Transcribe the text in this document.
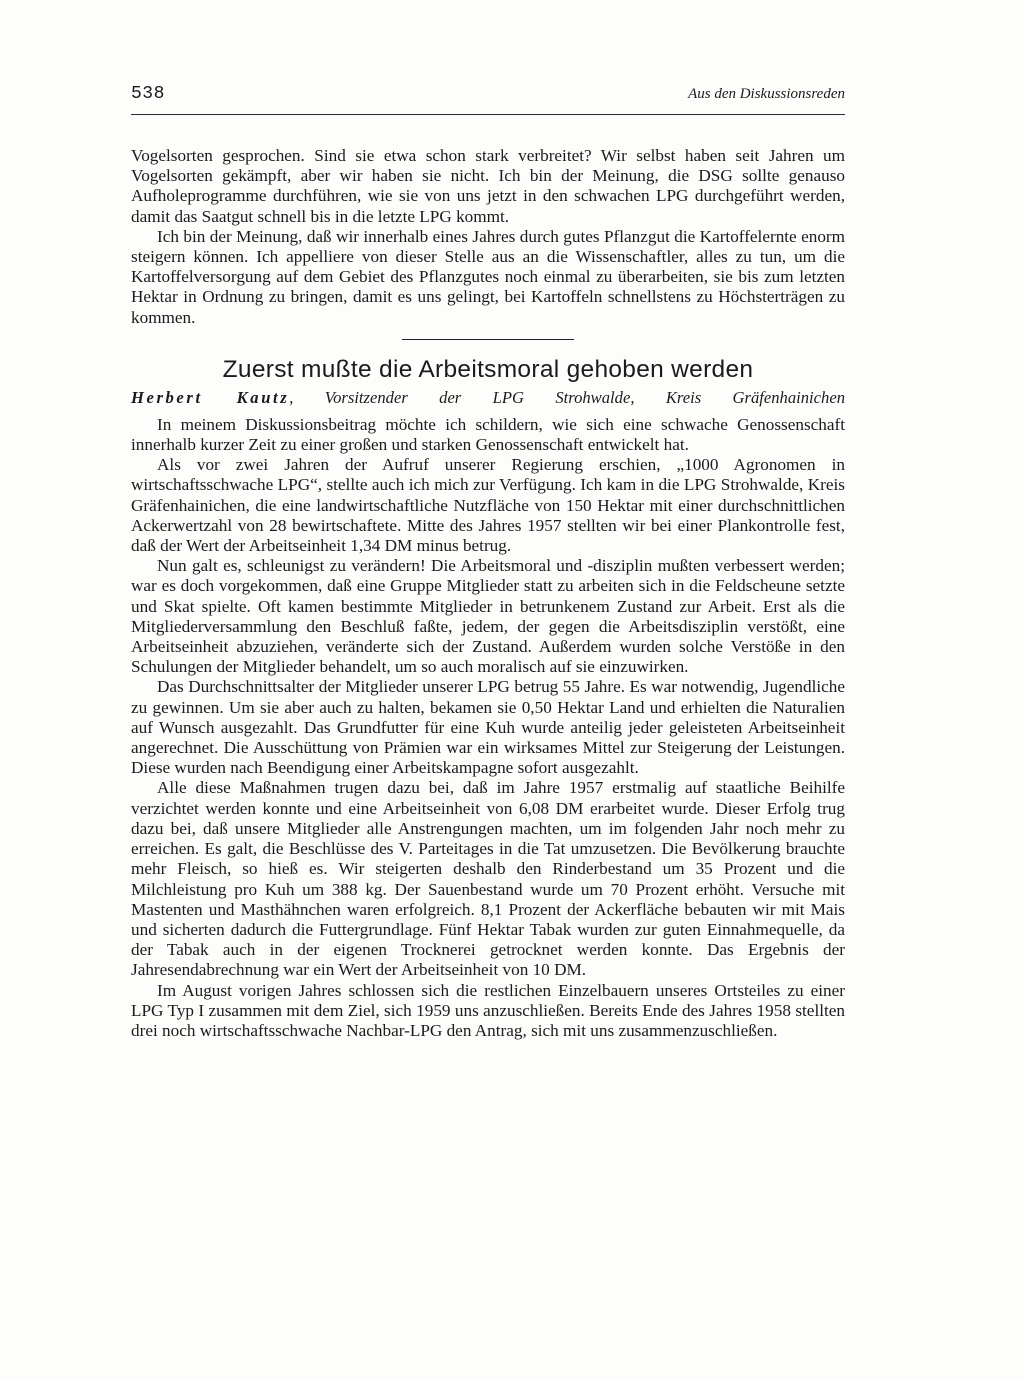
538	Aus den Diskussionsreden

Vogelsorten gesprochen. Sind sie etwa schon stark verbreitet? Wir selbst haben seit Jahren um Vogelsorten gekämpft, aber wir haben sie nicht. Ich bin der Meinung, die DSG sollte genauso Aufholeprogramme durchführen, wie sie von uns jetzt in den schwachen LPG durchgeführt werden, damit das Saatgut schnell bis in die letzte LPG kommt.

Ich bin der Meinung, daß wir innerhalb eines Jahres durch gutes Pflanzgut die Kartoffelernte enorm steigern können. Ich appelliere von dieser Stelle aus an die Wissenschaftler, alles zu tun, um die Kartoffelversorgung auf dem Gebiet des Pflanzgutes noch einmal zu überarbeiten, sie bis zum letzten Hektar in Ordnung zu bringen, damit es uns gelingt, bei Kartoffeln schnellstens zu Höchsterträgen zu kommen.

Zuerst mußte die Arbeitsmoral gehoben werden
Herbert Kautz, Vorsitzender der LPG Strohwalde, Kreis Gräfenhainichen

In meinem Diskussionsbeitrag möchte ich schildern, wie sich eine schwache Genossenschaft innerhalb kurzer Zeit zu einer großen und starken Genossenschaft entwickelt hat.

Als vor zwei Jahren der Aufruf unserer Regierung erschien, „1000 Agronomen in wirtschaftsschwache LPG“, stellte auch ich mich zur Verfügung. Ich kam in die LPG Strohwalde, Kreis Gräfenhainichen, die eine landwirtschaftliche Nutzfläche von 150 Hektar mit einer durchschnittlichen Ackerwertzahl von 28 bewirtschaftete. Mitte des Jahres 1957 stellten wir bei einer Plankontrolle fest, daß der Wert der Arbeitseinheit 1,34 DM minus betrug.

Nun galt es, schleunigst zu verändern! Die Arbeitsmoral und -disziplin mußten verbessert werden; war es doch vorgekommen, daß eine Gruppe Mitglieder statt zu arbeiten sich in die Feldscheune setzte und Skat spielte. Oft kamen bestimmte Mitglieder in betrunkenem Zustand zur Arbeit. Erst als die Mitgliederversammlung den Beschluß faßte, jedem, der gegen die Arbeitsdisziplin verstößt, eine Arbeitseinheit abzuziehen, veränderte sich der Zustand. Außerdem wurden solche Verstöße in den Schulungen der Mitglieder behandelt, um so auch moralisch auf sie einzuwirken.

Das Durchschnittsalter der Mitglieder unserer LPG betrug 55 Jahre. Es war notwendig, Jugendliche zu gewinnen. Um sie aber auch zu halten, bekamen sie 0,50 Hektar Land und erhielten die Naturalien auf Wunsch ausgezahlt. Das Grundfutter für eine Kuh wurde anteilig jeder geleisteten Arbeitseinheit angerechnet. Die Ausschüttung von Prämien war ein wirksames Mittel zur Steigerung der Leistungen. Diese wurden nach Beendigung einer Arbeitskampagne sofort ausgezahlt.

Alle diese Maßnahmen trugen dazu bei, daß im Jahre 1957 erstmalig auf staatliche Beihilfe verzichtet werden konnte und eine Arbeitseinheit von 6,08 DM erarbeitet wurde. Dieser Erfolg trug dazu bei, daß unsere Mitglieder alle Anstrengungen machten, um im folgenden Jahr noch mehr zu erreichen. Es galt, die Beschlüsse des V. Parteitages in die Tat umzusetzen. Die Bevölkerung brauchte mehr Fleisch, so hieß es. Wir steigerten deshalb den Rinderbestand um 35 Prozent und die Milchleistung pro Kuh um 388 kg. Der Sauenbestand wurde um 70 Prozent erhöht. Versuche mit Mastenten und Masthähnchen waren erfolgreich. 8,1 Prozent der Ackerfläche bebauten wir mit Mais und sicherten dadurch die Futtergrundlage. Fünf Hektar Tabak wurden zur guten Einnahmequelle, da der Tabak auch in der eigenen Trocknerei getrocknet werden konnte. Das Ergebnis der Jahresendabrechnung war ein Wert der Arbeitseinheit von 10 DM.

Im August vorigen Jahres schlossen sich die restlichen Einzelbauern unseres Ortsteiles zu einer LPG Typ I zusammen mit dem Ziel, sich 1959 uns anzuschließen. Bereits Ende des Jahres 1958 stellten drei noch wirtschaftsschwache Nachbar-LPG den Antrag, sich mit uns zusammenzuschließen.
